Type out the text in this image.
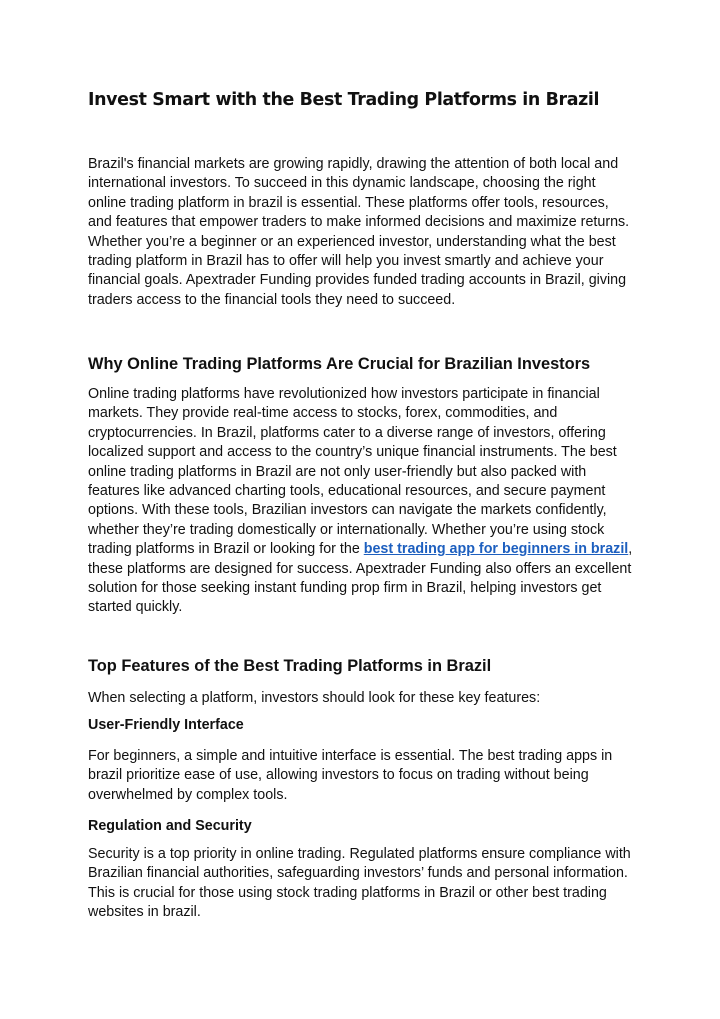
Invest Smart with the Best Trading Platforms in Brazil

Brazil's financial markets are growing rapidly, drawing the attention of both local and international investors. To succeed in this dynamic landscape, choosing the right online trading platform in brazil is essential. These platforms offer tools, resources, and features that empower traders to make informed decisions and maximize returns. Whether you’re a beginner or an experienced investor, understanding what the best trading platform in Brazil has to offer will help you invest smartly and achieve your financial goals. Apextrader Funding provides funded trading accounts in Brazil, giving traders access to the financial tools they need to succeed.

Why Online Trading Platforms Are Crucial for Brazilian Investors

Online trading platforms have revolutionized how investors participate in financial markets. They provide real-time access to stocks, forex, commodities, and cryptocurrencies. In Brazil, platforms cater to a diverse range of investors, offering localized support and access to the country’s unique financial instruments. The best online trading platforms in Brazil are not only user-friendly but also packed with features like advanced charting tools, educational resources, and secure payment options. With these tools, Brazilian investors can navigate the markets confidently, whether they’re trading domestically or internationally. Whether you’re using stock trading platforms in Brazil or looking for the best trading app for beginners in brazil, these platforms are designed for success. Apextrader Funding also offers an excellent solution for those seeking instant funding prop firm in Brazil, helping investors get started quickly.

Top Features of the Best Trading Platforms in Brazil

When selecting a platform, investors should look for these key features:

User-Friendly Interface

For beginners, a simple and intuitive interface is essential. The best trading apps in brazil prioritize ease of use, allowing investors to focus on trading without being overwhelmed by complex tools.

Regulation and Security

Security is a top priority in online trading. Regulated platforms ensure compliance with Brazilian financial authorities, safeguarding investors’ funds and personal information. This is crucial for those using stock trading platforms in Brazil or other best trading websites in brazil.
